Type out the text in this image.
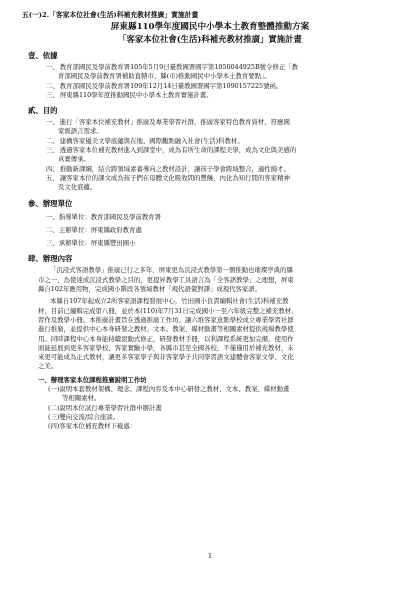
五(一)2.「客家本位社會(生活)科補充教材推廣」實施計畫
屏東縣110學年度國民中小學本土教育整體推動方案
「客家本位社會(生活)科補充教材推廣」實施計畫
壹、依據
一、 教育部國民及學前教育署105年5月9日臺教國署國字第1050044925B號令修正「教
育部國民及學前教育署補助直轄市、縣(市)推動國民中小學本土教育要點」。
二、 教育部國民及學前教育署109年12月14日臺教國署國字第1090157225號函。
三、 屏東縣110學年度推動國民中小學本土教育實施計畫。
貳、目的
一、 進行「客家本位補充教材」推廣及專業學習社群，推廣客家特色教育資材，符應國
家級語言需求。
二、 建構客家優美文學底蘊與在地、國際觀點融入社會(生活)科教材。
三、 透過客家本位補充教材進入到課堂中，成為有所生命的課程美學，成為文化與美感的
真實傳承。
四、 推動新課綱，結合跨領域素養導向之教材設計，讓孩子學會跨域整合，適性揚才。
五、 讓客家本位的課文成為孩子們在母體文化吸收間的豐饒，內化為知行間的客家精神
及文化底蘊。
參、辦理單位
一、指導單位：教育部國民及學前教育署
二、主辦單位：屏東縣政府教育處
三、承辦單位：屏東縣豐田國小
肆、辦理內容
「沉浸式客語教學」推廣已行之多年，屏東更為沉浸式教學第一個推動也璀璨亭典的縣
市之一，為使達成沉浸式教學之目的，更提昇教學工具語言為「全客語教學」之理想，屏東
縣自102年應用物，完成國小階段各領域教材「現代語彙對譯」成現代客家語。
本縣自107年起成立2所客家語課程發展中心，竹田國小負責編輯社會(生活)科補充教
材，目前已編輯完成第八冊，並於本(110)年7月31日完成國小一至六年級完整之補充教材、
習作及教學小冊。本推廣計畫旨在透過推廣工作坊、讓六堆客家意點學校成立專業學習社群
進行推廣，並提供中心本身研發之教材、文本、教案、媒材動畫等相關素材提供現場教學使
用。同時課程中心本身能持續滾動式修正，研發教材手冊，以利課程系統更加完備，使用作
面能延展到更多客家學校、客家實驗小學，各縣市甚至全國各校，不僅僅用於補充教材，未
來更可能成為正式教材，讓更多客家學子與非客家學子共同學習語文建體會客家文學、文化
之美。
一、辦理客家本位課程推廣說明工作坊
(一)說明本套教材架構、理念、課程內容及本中心研發之教材、文本、教案、媒材動畫
等相關素材。
(二)說明本位試行專業學習社群申辦計畫
(三)雙向交流/綜合座談。
(四)客家本位補充教材下載處：
1
